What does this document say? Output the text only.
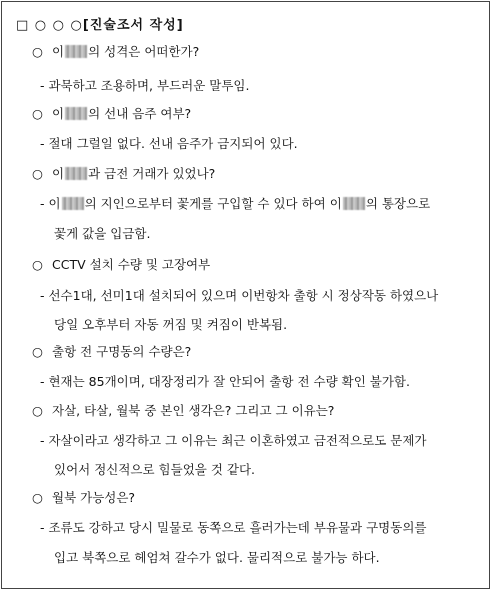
□ ○ ○ ○[진술조서 작성]
○ 이 의 성격은 어떠한가?
- 과묵하고 조용하며, 부드러운 말투임.
○ 이 의 선내 음주 여부?
- 절대 그럴일 없다. 선내 음주가 금지되어 있다.
○ 이 과 금전 거래가 있었나?
- 이 의 지인으로부터 꽃게를 구입할 수 있다 하여 이 의 통장으로
꽃게 값을 입금함.
○ CCTV 설치 수량 및 고장여부
- 선수1대, 선미1대 설치되어 있으며 이번항차 출항 시 정상작동 하였으나
당일 오후부터 자동 꺼짐 및 켜짐이 반복됨.
○ 출항 전 구명동의 수량은?
- 현재는 85개이며, 대장정리가 잘 안되어 출항 전 수량 확인 불가함.
○ 자살, 타살, 월북 중 본인 생각은? 그리고 그 이유는?
- 자살이라고 생각하고 그 이유는 최근 이혼하였고 금전적으로도 문제가
있어서 정신적으로 힘들었을 것 같다.
○ 월북 가능성은?
- 조류도 강하고 당시 밀물로 동쪽으로 흘러가는데 부유물과 구명동의를
입고 북쪽으로 헤엄쳐 갈수가 없다. 물리적으로 불가능 하다.
